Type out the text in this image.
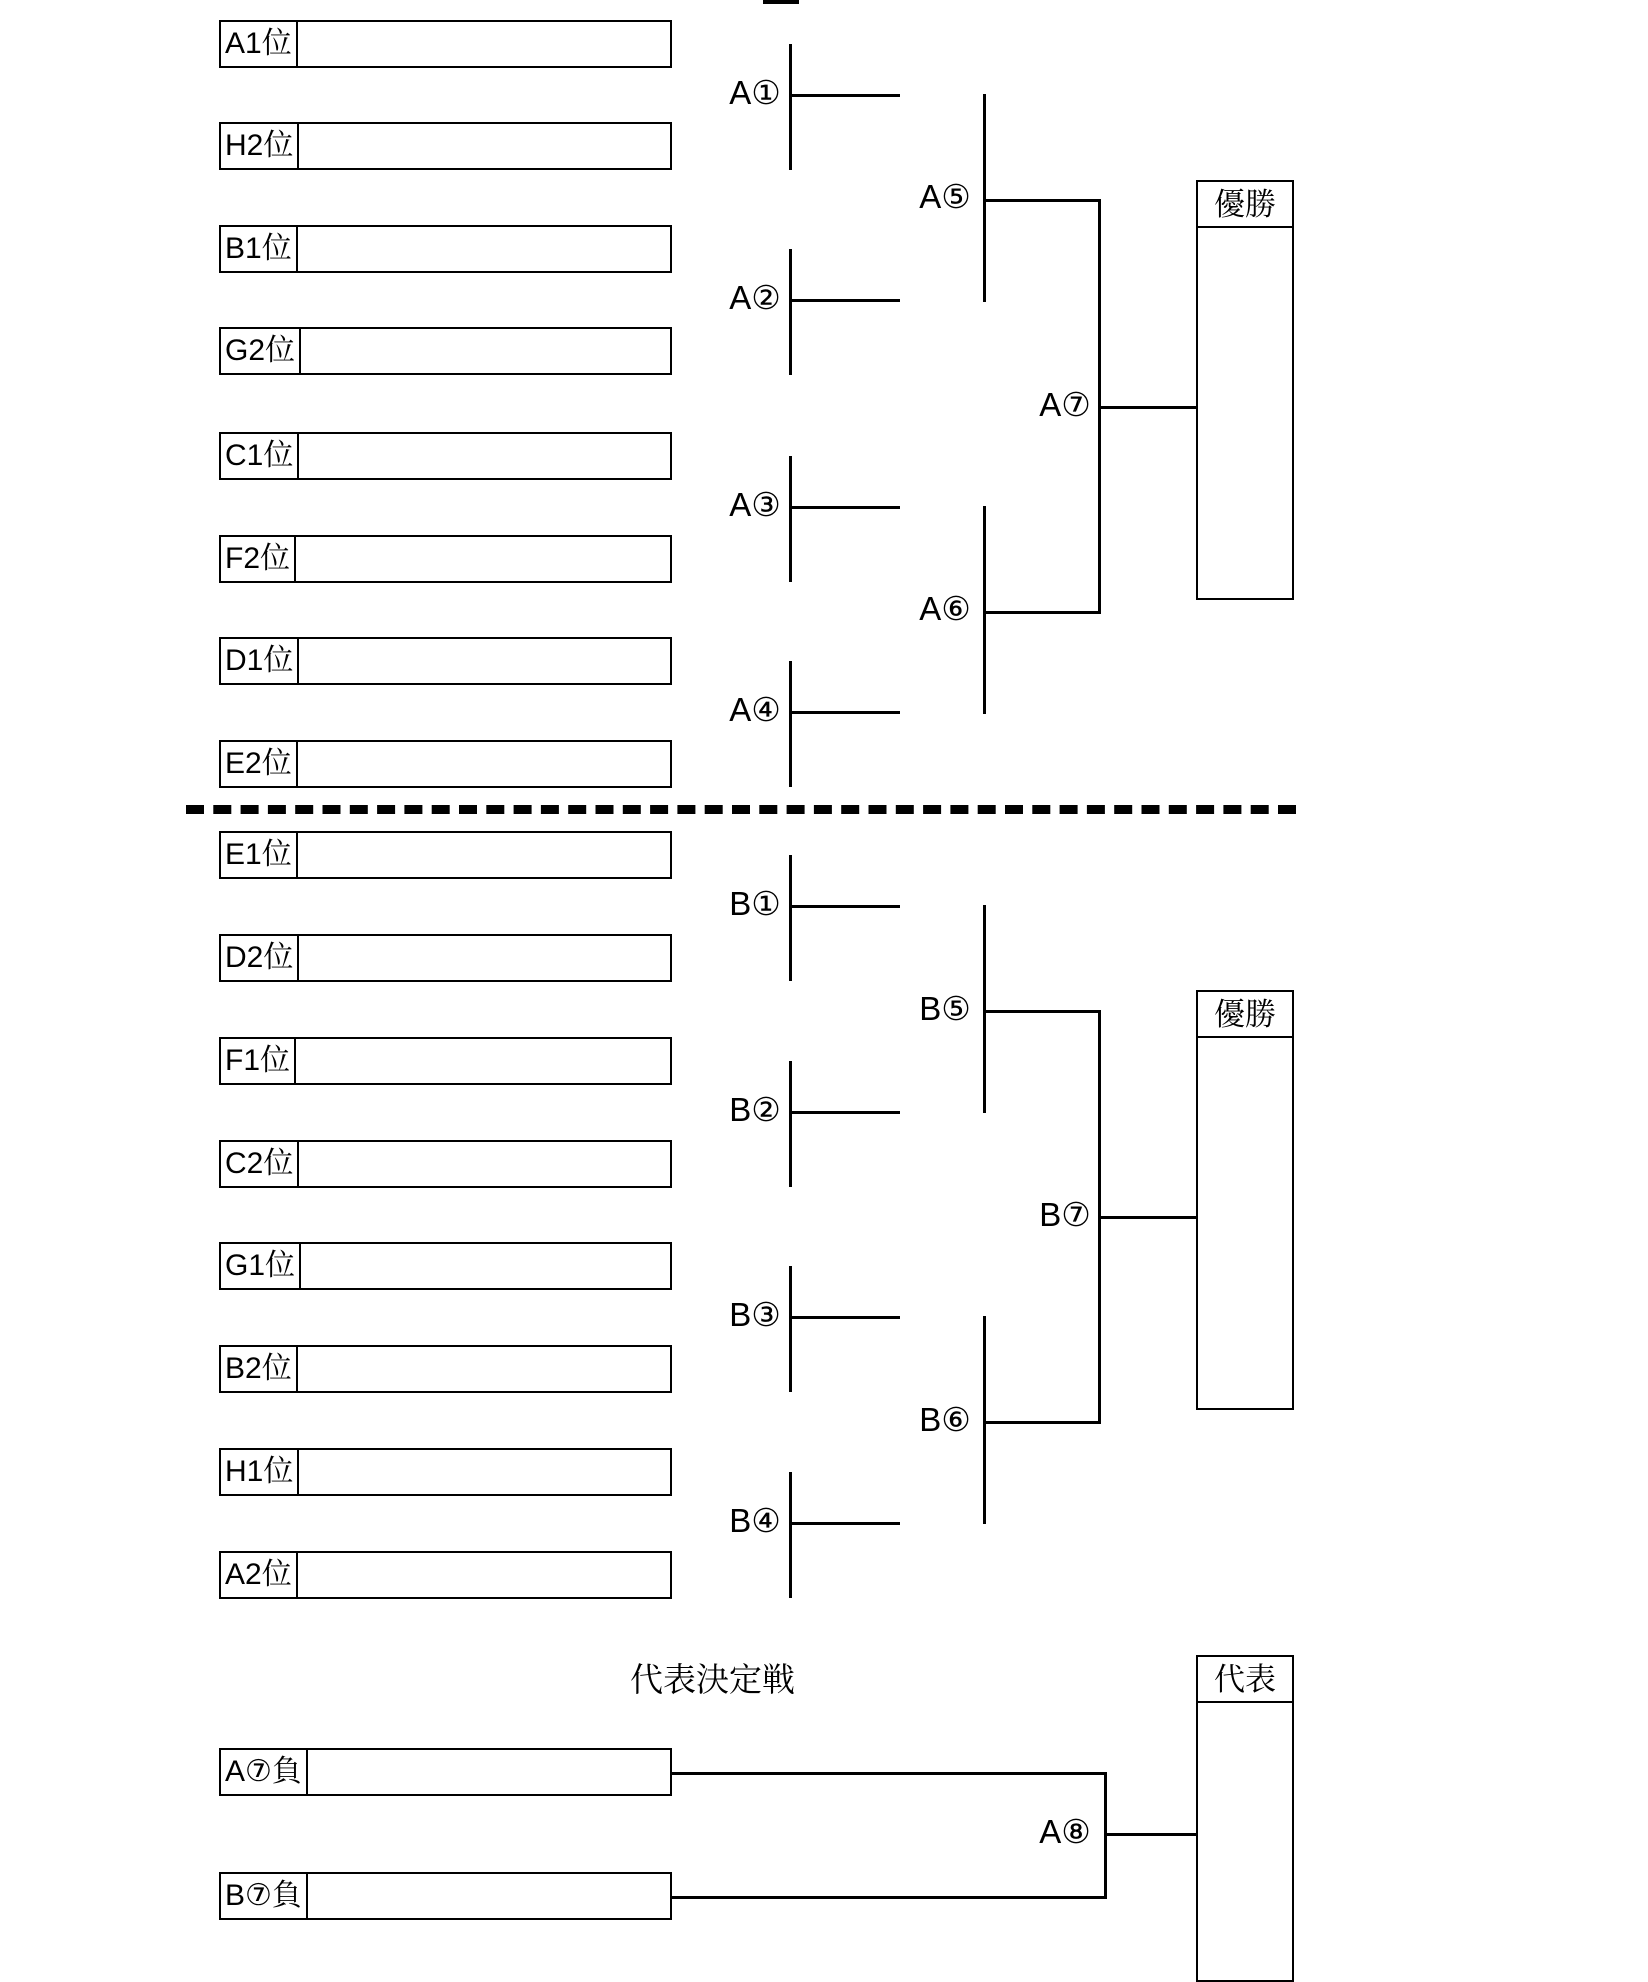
A1位
H2位
B1位
G2位
C1位
F2位
D1位
E2位
A①
A②
A③
A④
A⑤
A⑥
A⑦
優勝
E1位
D2位
F1位
C2位
G1位
B2位
H1位
A2位
B①
B②
B③
B④
B⑤
B⑥
B⑦
優勝
代表決定戦
A⑦負
B⑦負
A⑧
代表
